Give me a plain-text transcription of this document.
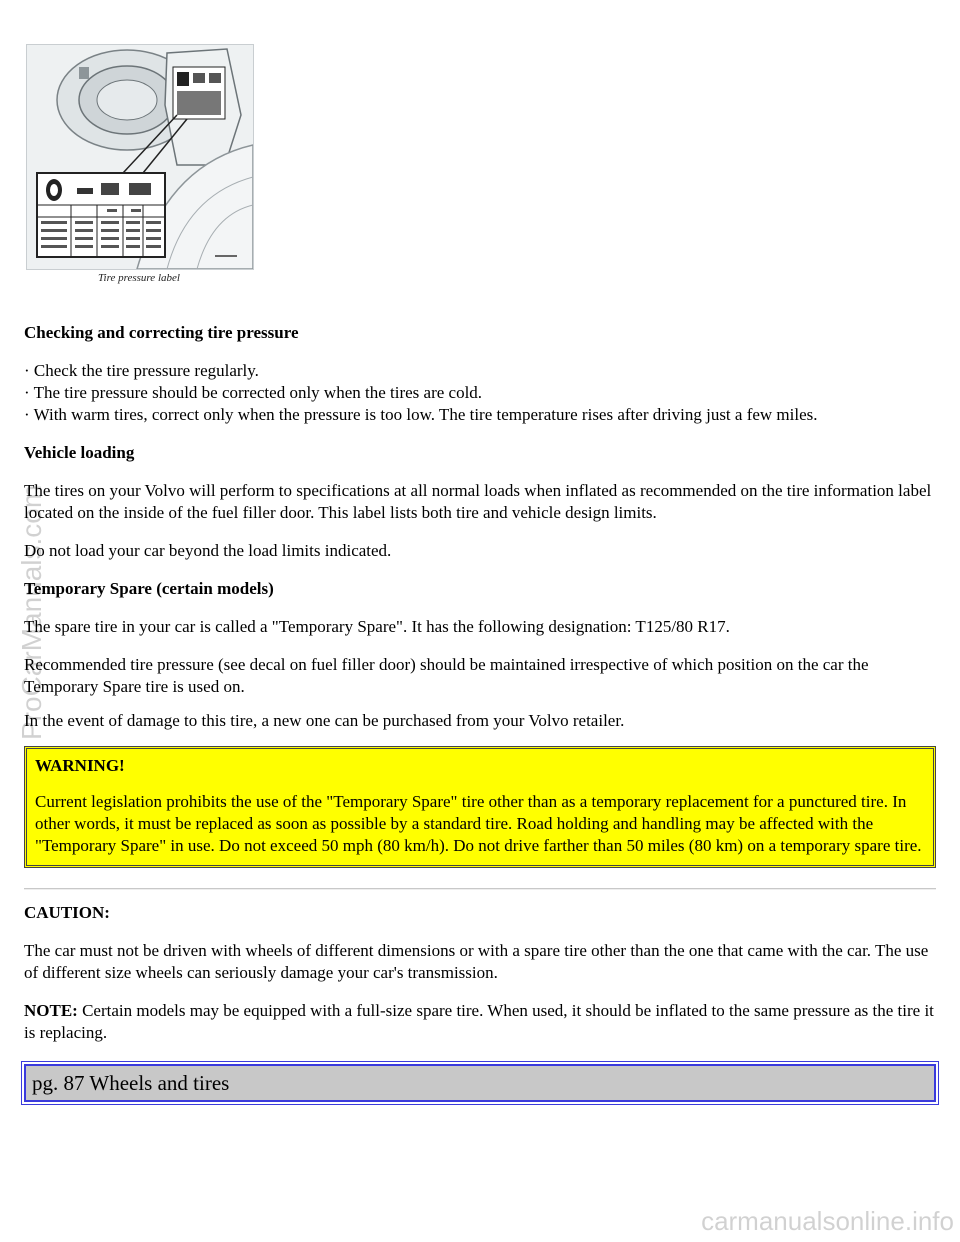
Tire pressure label

Checking and correcting tire pressure

· Check the tire pressure regularly.

· The tire pressure should be corrected only when the tires are cold.

· With warm tires, correct only when the pressure is too low. The tire temperature rises after driving just a few miles.

Vehicle loading

The tires on your Volvo will perform to specifications at all normal loads when inflated as recommended on the tire information label located on the inside of the fuel filler door. This label lists both tire and vehicle design limits.

Do not load your car beyond the load limits indicated.

Temporary Spare (certain models)

The spare tire in your car is called a "Temporary Spare". It has the following designation: T125/80 R17.

Recommended tire pressure (see decal on fuel filler door) should be maintained irrespective of which position on the car the Temporary Spare tire is used on.

In the event of damage to this tire, a new one can be purchased from your Volvo retailer.

WARNING!

Current legislation prohibits the use of the "Temporary Spare" tire other than as a temporary replacement for a punctured tire. In other words, it must be replaced as soon as possible by a standard tire. Road holding and handling may be affected with the "Temporary Spare" in use. Do not exceed 50 mph (80 km/h). Do not drive farther than 50 miles (80 km) on a temporary spare tire.

CAUTION:

The car must not be driven with wheels of different dimensions or with a spare tire other than the one that came with the car. The use of different size wheels can seriously damage your car's transmission.

NOTE: Certain models may be equipped with a full-size spare tire. When used, it should be inflated to the same pressure as the tire it is replacing.

pg. 87 Wheels and tires
ProCarManuals.com
carmanualsonline.info
